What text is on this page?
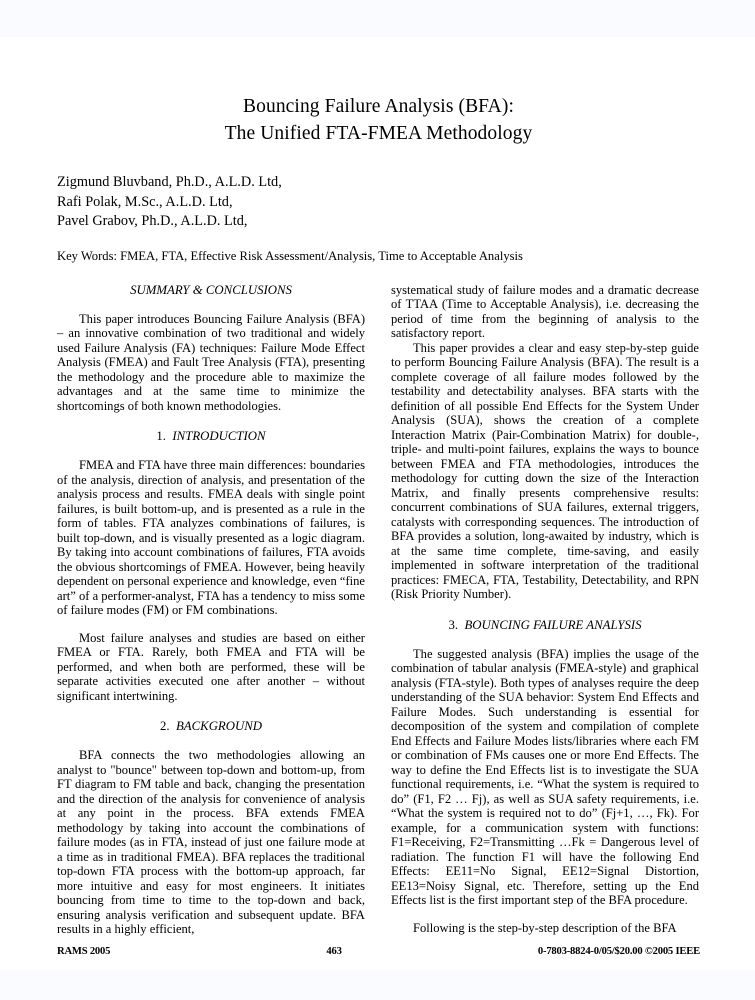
Bouncing Failure Analysis (BFA):
The Unified FTA-FMEA Methodology
Zigmund Bluvband, Ph.D., A.L.D. Ltd,
Rafi Polak, M.Sc., A.L.D. Ltd,
Pavel Grabov, Ph.D., A.L.D. Ltd,
Key Words: FMEA, FTA, Effective Risk Assessment/Analysis, Time to Acceptable Analysis
SUMMARY & CONCLUSIONS

This paper introduces Bouncing Failure Analysis (BFA) – an innovative combination of two traditional and widely used Failure Analysis (FA) techniques: Failure Mode Effect Analysis (FMEA) and Fault Tree Analysis (FTA), presenting the methodology and the procedure able to maximize the advantages and at the same time to minimize the shortcomings of both known methodologies.

1. INTRODUCTION

FMEA and FTA have three main differences: boundaries of the analysis, direction of analysis, and presentation of the analysis process and results. FMEA deals with single point failures, is built bottom-up, and is presented as a rule in the form of tables. FTA analyzes combinations of failures, is built top-down, and is visually presented as a logic diagram. By taking into account combinations of failures, FTA avoids the obvious shortcomings of FMEA. However, being heavily dependent on personal experience and knowledge, even “fine art” of a performer-analyst, FTA has a tendency to miss some of failure modes (FM) or FM combinations.

Most failure analyses and studies are based on either FMEA or FTA. Rarely, both FMEA and FTA will be performed, and when both are performed, these will be separate activities executed one after another – without significant intertwining.

2. BACKGROUND

BFA connects the two methodologies allowing an analyst to "bounce" between top-down and bottom-up, from FT diagram to FM table and back, changing the presentation and the direction of the analysis for convenience of analysis at any point in the process. BFA extends FMEA methodology by taking into account the combinations of failure modes (as in FTA, instead of just one failure mode at a time as in traditional FMEA). BFA replaces the traditional top-down FTA process with the bottom-up approach, far more intuitive and easy for most engineers. It initiates bouncing from time to time to the top-down and back, ensuring analysis verification and subsequent update. BFA results in a highly efficient,

systematical study of failure modes and a dramatic decrease of TTAA (Time to Acceptable Analysis), i.e. decreasing the period of time from the beginning of analysis to the satisfactory report.

This paper provides a clear and easy step-by-step guide to perform Bouncing Failure Analysis (BFA). The result is a complete coverage of all failure modes followed by the testability and detectability analyses. BFA starts with the definition of all possible End Effects for the System Under Analysis (SUA), shows the creation of a complete Interaction Matrix (Pair-Combination Matrix) for double-, triple- and multi-point failures, explains the ways to bounce between FMEA and FTA methodologies, introduces the methodology for cutting down the size of the Interaction Matrix, and finally presents comprehensive results: concurrent combinations of SUA failures, external triggers, catalysts with corresponding sequences. The introduction of BFA provides a solution, long-awaited by industry, which is at the same time complete, time-saving, and easily implemented in software interpretation of the traditional practices: FMECA, FTA, Testability, Detectability, and RPN (Risk Priority Number).

3. BOUNCING FAILURE ANALYSIS

The suggested analysis (BFA) implies the usage of the combination of tabular analysis (FMEA-style) and graphical analysis (FTA-style). Both types of analyses require the deep understanding of the SUA behavior: System End Effects and Failure Modes. Such understanding is essential for decomposition of the system and compilation of complete End Effects and Failure Modes lists/libraries where each FM or combination of FMs causes one or more End Effects. The way to define the End Effects list is to investigate the SUA functional requirements, i.e. “What the system is required to do” (F1, F2 … Fj), as well as SUA safety requirements, i.e. “What the system is required not to do” (Fj+1, …, Fk). For example, for a communication system with functions: F1=Receiving, F2=Transmitting …Fk = Dangerous level of radiation. The function F1 will have the following End Effects: EE11=No Signal, EE12=Signal Distortion, EE13=Noisy Signal, etc. Therefore, setting up the End Effects list is the first important step of the BFA procedure.

Following is the step-by-step description of the BFA

RAMS 2005	463	0-7803-8824-0/05/$20.00 ©2005 IEEE
